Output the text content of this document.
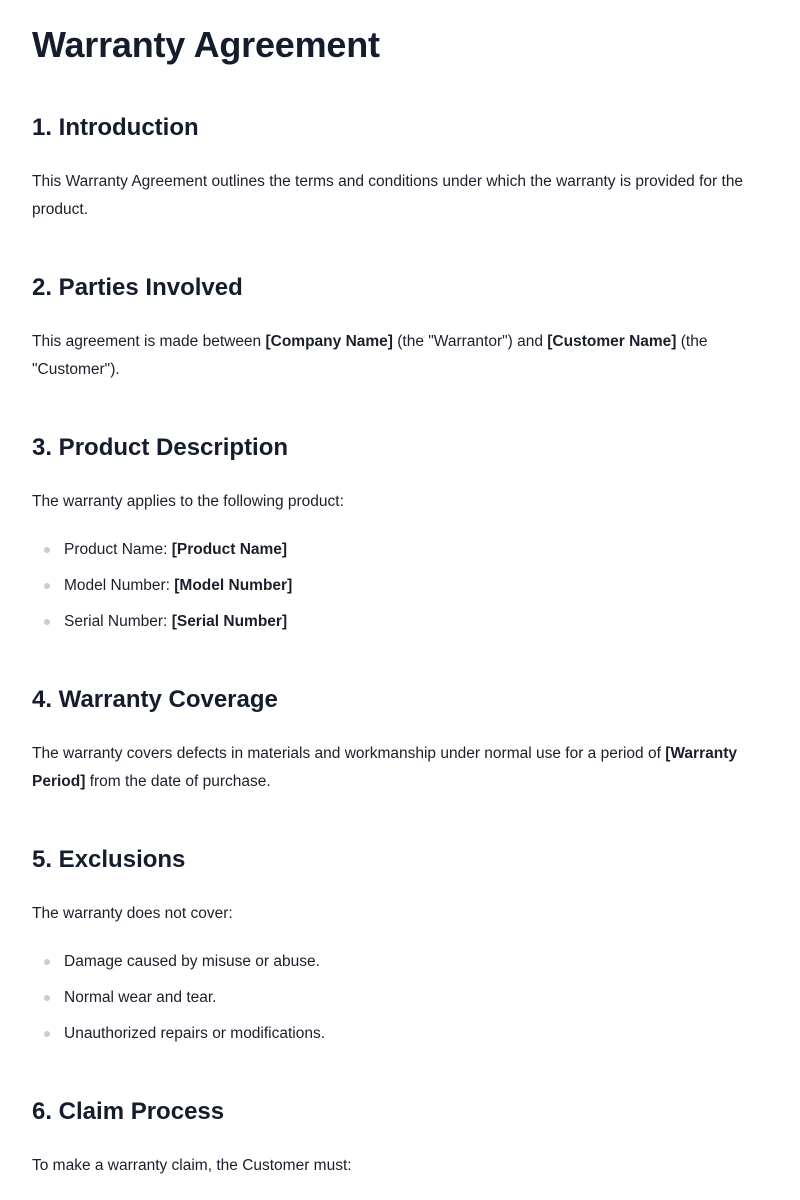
Warranty Agreement
1. Introduction

This Warranty Agreement outlines the terms and conditions under which the warranty is provided for the product.

2. Parties Involved

This agreement is made between [Company Name] (the "Warrantor") and [Customer Name] (the "Customer").

3. Product Description

The warranty applies to the following product:

Product Name: [Product Name]
Model Number: [Model Number]
Serial Number: [Serial Number]
4. Warranty Coverage

The warranty covers defects in materials and workmanship under normal use for a period of [Warranty Period] from the date of purchase.

5. Exclusions

The warranty does not cover:

Damage caused by misuse or abuse.
Normal wear and tear.
Unauthorized repairs or modifications.
6. Claim Process

To make a warranty claim, the Customer must:
